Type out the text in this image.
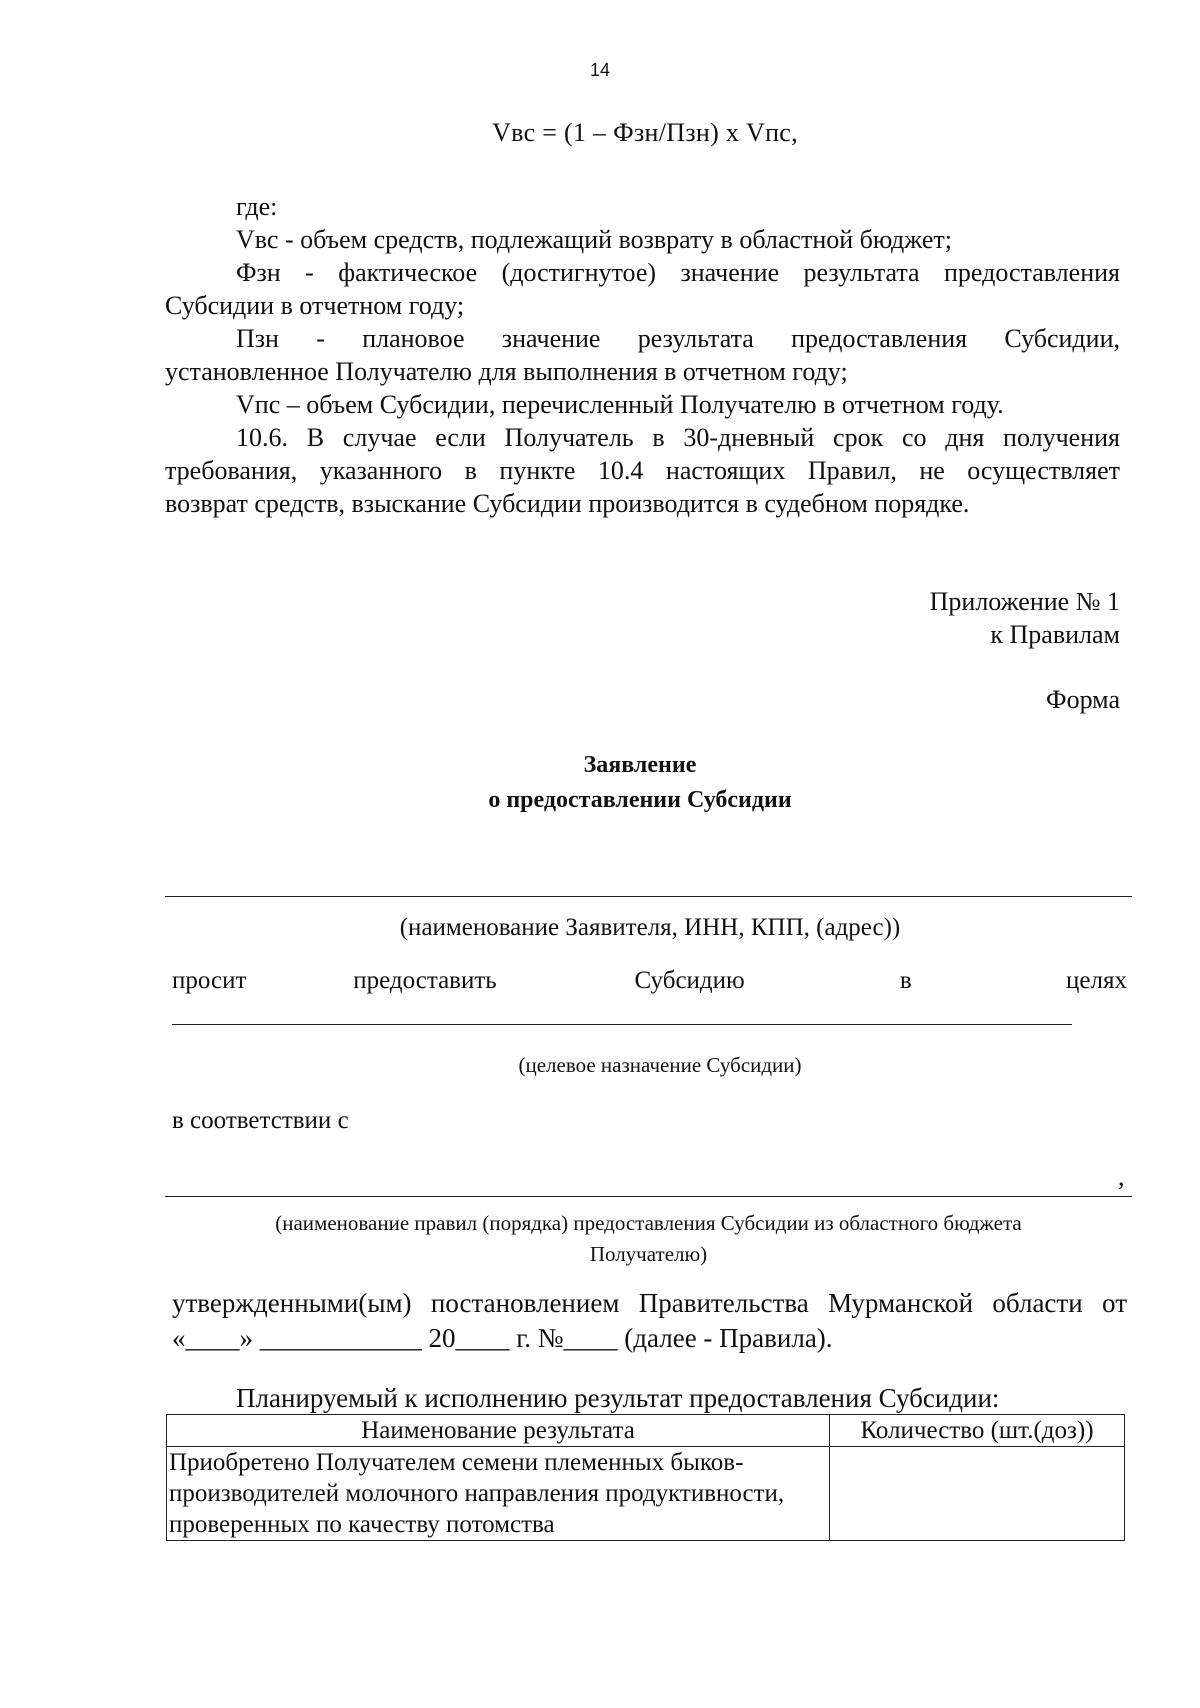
14
Vвс = (1 – Фзн/Пзн) х Vпс,
где:
Vвс - объем средств, подлежащий возврату в областной бюджет;
Фзн - фактическое (достигнутое) значение результата предоставления
Субсидии в отчетном году;
Пзн - плановое значение результата предоставления Субсидии,
установленное Получателю для выполнения в отчетном году;
Vпс – объем Субсидии, перечисленный Получателю в отчетном году.
10.6. В случае если Получатель в 30-дневный срок со дня получения
требования, указанного в пункте 10.4 настоящих Правил, не осуществляет
возврат средств, взыскание Субсидии производится в судебном порядке.
Приложение № 1
к Правилам
Форма
Заявление
о предоставлении Субсидии
(наименование Заявителя, ИНН, КПП, (адрес))
просит	предоставить	Субсидию	в	целях
(целевое назначение Субсидии)
в соответствии с
,
(наименование правил (порядка) предоставления Субсидии из областного бюджета
Получателю)
утвержденными(ым) постановлением Правительства Мурманской области от
«____» ____________ 20____ г. №____ (далее - Правила).
Планируемый к исполнению результат предоставления Субсидии:
Наименование результата	Количество (шт.(доз))
Приобретено Получателем семени племенных быков-производителей молочного направления продуктивности, проверенных по качеству потомства	
